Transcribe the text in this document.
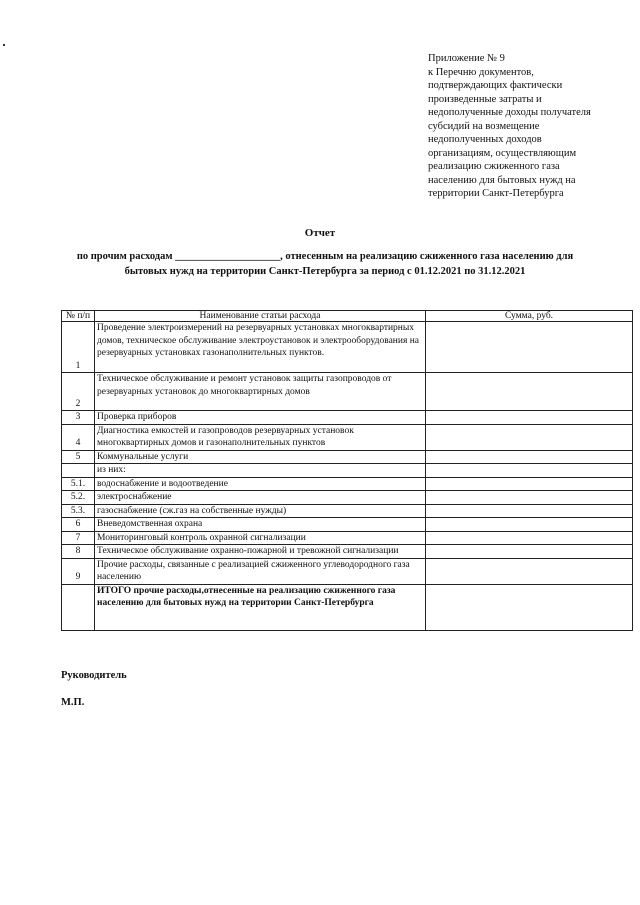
Приложение № 9
к Перечню документов,
подтверждающих фактически
произведенные затраты и
недополученные доходы получателя
субсидий на возмещение
недополученных доходов
организациям, осуществляющим
реализацию сжиженного газа
населению для бытовых нужд на
территории Санкт-Петербурга
Отчет
по прочим расходам ____________________, отнесенным на реализацию сжиженного газа населению для
бытовых нужд на территории Санкт-Петербурга за период с 01.12.2021 по 31.12.2021
№ п/п	Наименование статьи расхода	Сумма, руб.
1	Проведение электроизмерений на резервуарных установках многоквартирных домов, техническое обслуживание электроустановок и электрооборудования на резервуарных установках газонаполнительных пунктов.	
2	Техническое обслуживание и ремонт установок защиты газопроводов от резервуарных установок до многоквартирных домов	
3	Проверка приборов	
4	Диагностика емкостей и газопроводов резервуарных установок многоквартирных домов и газонаполнительных пунктов	
5	Коммунальные услуги	
	из них:	
5.1.	водоснабжение и водоотведение	
5.2.	электроснабжение	
5.3.	газоснабжение (сж.газ на собственные нужды)	
6	Вневедомственная охрана	
7	Мониторинговый контроль охранной сигнализации	
8	Техническое обслуживание охранно-пожарной и тревожной сигнализации	
9	Прочие расходы, связанные с реализацией сжиженного углеводородного газа населению	
	ИТОГО прочие расходы,отнесенные на реализацию сжиженного газа населению для бытовых нужд на территории Санкт-Петербурга	
Руководитель
М.П.
